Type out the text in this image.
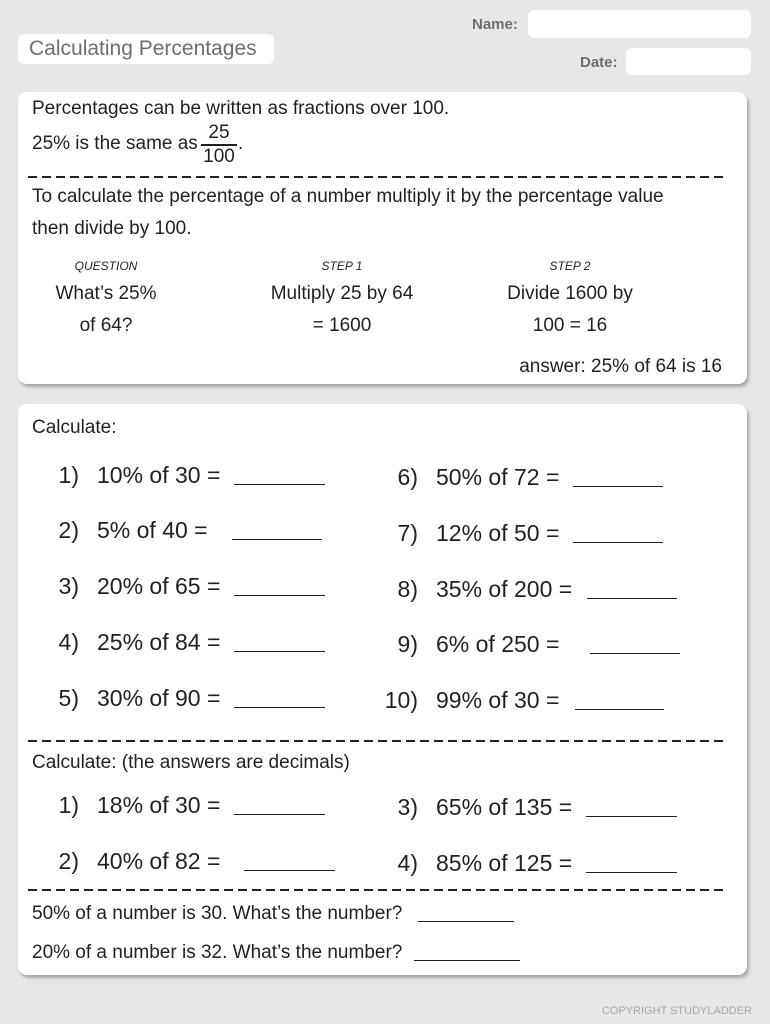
Calculating Percentages
Name:
Date:
Percentages can be written as fractions over 100.
25% is the same as
25
100
.
To calculate the percentage of a number multiply it by the percentage value
then divide by 100.
QUESTION
What’s 25%
of 64?
STEP 1
Multiply 25 by 64
= 1600
STEP 2
Divide 1600 by
100 = 16
answer: 25% of 64 is 16
Calculate:
1) 10% of 30 =
2) 5% of 40 =
3) 20% of 65 =
4) 25% of 84 =
5) 30% of 90 =
6) 50% of 72 =
7) 12% of 50 =
8) 35% of 200 =
9) 6% of 250 =
10) 99% of 30 =
Calculate: (the answers are decimals)
1) 18% of 30 =
2) 40% of 82 =
3) 65% of 135 =
4) 85% of 125 =
50% of a number is 30. What’s the number?
20% of a number is 32. What’s the number?
COPYRIGHT STUDYLADDER
